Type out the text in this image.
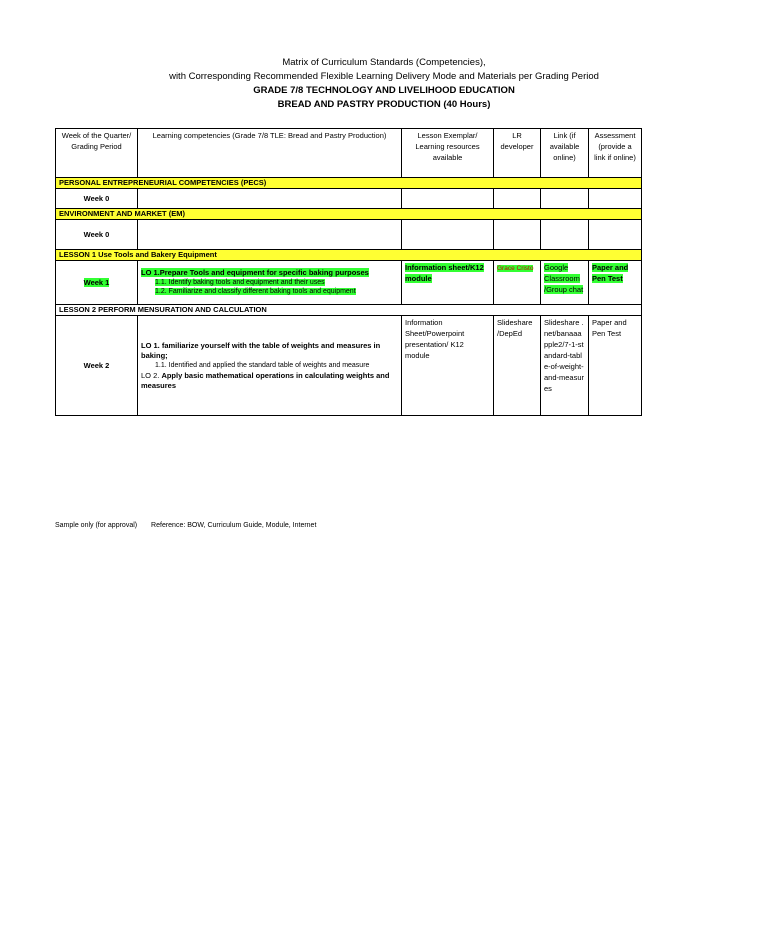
Matrix of Curriculum Standards (Competencies),
with Corresponding Recommended Flexible Learning Delivery Mode and Materials per Grading Period
GRADE 7/8 TECHNOLOGY AND LIVELIHOOD EDUCATION
BREAD AND PASTRY PRODUCTION (40 Hours)
Week of the Quarter/ Grading Period	Learning competencies (Grade 7/8 TLE: Bread and Pastry Production)	Lesson Exemplar/ Learning resources available	LR developer	Link (if available online)	Assessment (provide a link if online)
PERSONAL ENTREPRENEURIAL COMPETENCIES (PECS)					
Week 0					
ENVIRONMENT AND MARKET (EM)					
Week 0					
LESSON 1 Use Tools and Bakery Equipment					
Week 1	LO 1.Prepare Tools and equipment for specific baking purposes
1.1. Identify baking tools and equipment and their uses
1.2. Familiarize and classify different baking tools and equipment	Information sheet/K12 module	Grace Cristo	Google Classroom /Group chat	Paper and Pen Test
LESSON 2 PERFORM MENSURATION AND CALCULATION					
Week 2	LO 1. familiarize yourself with the table of weights and measures in baking;
1.1. Identified and applied the standard table of weights and measure
LO 2. Apply basic mathematical operations in calculating weights and measures	Information Sheet/Powerpoint presentation/ K12 module	Slideshare /DepEd	Slideshare .net/banaaapple2/7-1-standard-table-of-weight-and-measures	Paper and Pen Test
Sample only (for approval) Reference: BOW, Curriculum Guide, Module, Internet
